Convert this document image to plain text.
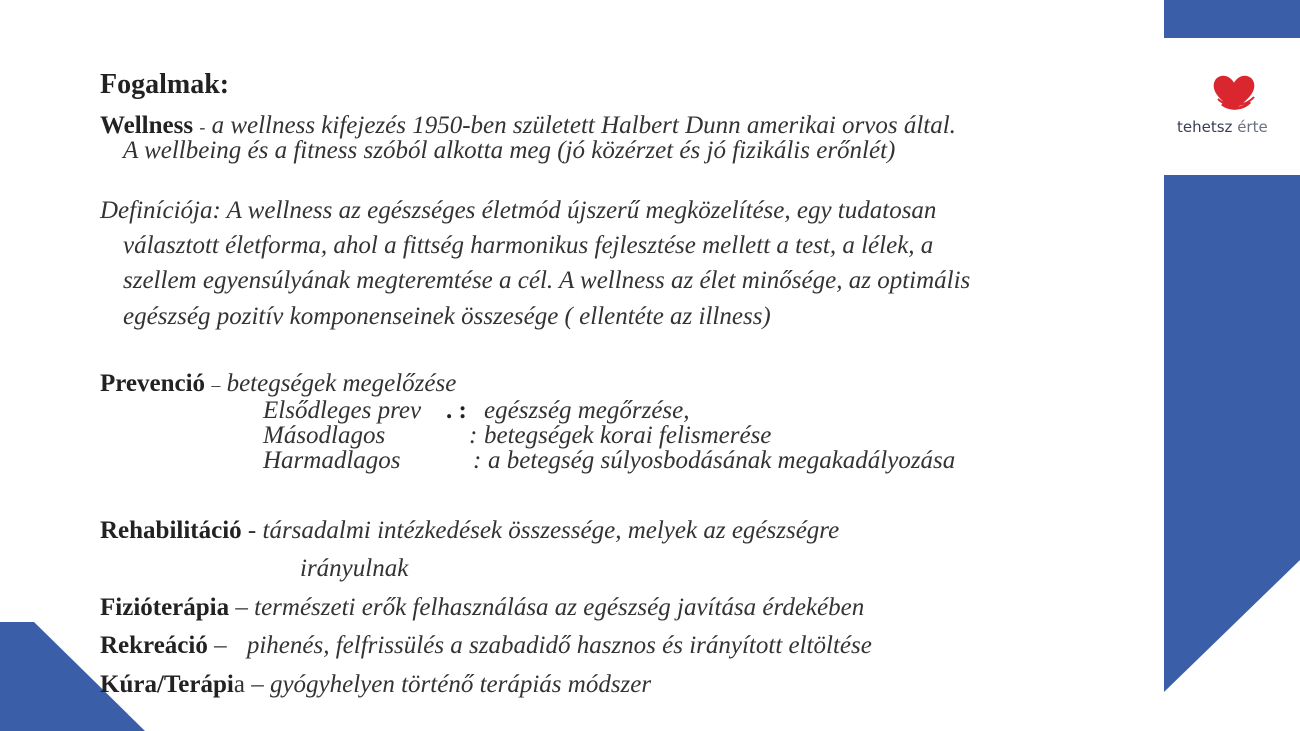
tehetsz érte
Fogalmak:
Wellness - a wellness kifejezés 1950-ben született Halbert Dunn amerikai orvos által.
A wellbeing és a fitness szóból alkotta meg (jó közérzet és jó fizikális erőnlét)
Definíciója: A wellness az egészséges életmód újszerű megközelítése, egy tudatosan
választott életforma, ahol a fittség harmonikus fejlesztése mellett a test, a lélek, a
szellem egyensúlyának megteremtése a cél. A wellness az élet minősége, az optimális
egészség pozitív komponenseinek összesége ( ellentéte az illness)
Prevenció – betegségek megelőzése
Elsődleges prev . : egészség megőrzése,
Másodlagos	: betegségek korai felismerése
Harmadlagos	: a betegség súlyosbodásának megakadályozása
Rehabilitáció - társadalmi intézkedések összessége, melyek az egészségre
irányulnak
Fizióterápia – természeti erők felhasználása az egészség javítása érdekében
Rekreáció – pihenés, felfrissülés a szabadidő hasznos és irányított eltöltése
Kúra/Terápia – gyógyhelyen történő terápiás módszer
